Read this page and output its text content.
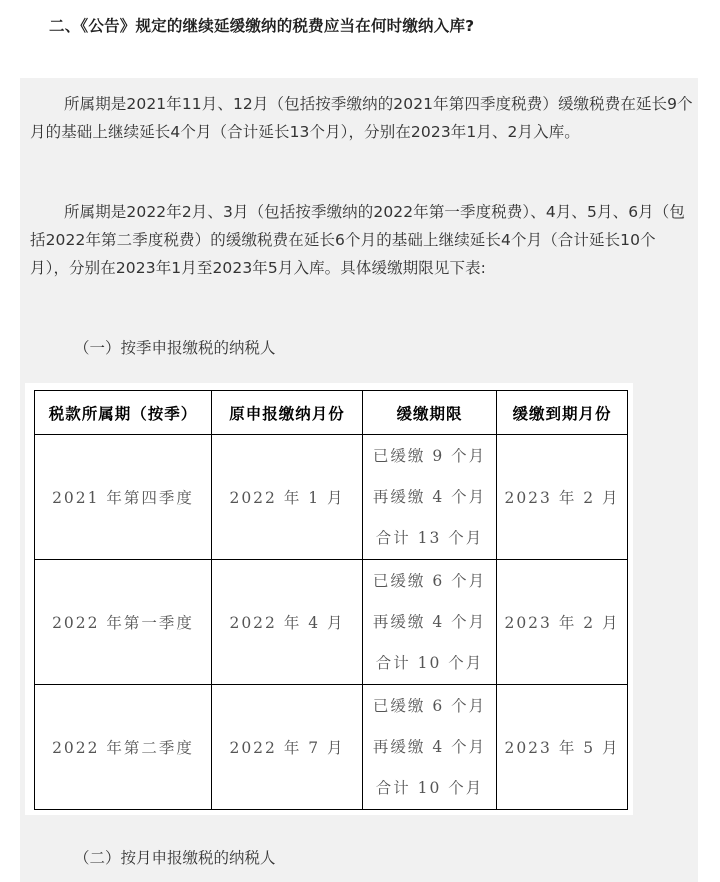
二、《公告》规定的继续延缓缴纳的税费应当在何时缴纳入库?
所属期是2021年11月、12月（包括按季缴纳的2021年第四季度税费）缓缴税费在延长9个月的基础上继续延长4个月（合计延长13个月），分别在2023年1月、2月入库。
所属期是2022年2月、3月（包括按季缴纳的2022年第一季度税费）、4月、5月、6月（包括2022年第二季度税费）的缓缴税费在延长6个月的基础上继续延长4个月（合计延长10个月），分别在2023年1月至2023年5月入库。具体缓缴期限见下表:
（一）按季申报缴税的纳税人
税款所属期（按季）	原申报缴纳月份	缓缴期限	缓缴到期月份
2021 年第四季度	2022 年 1 月	已缓缴 9 个月
再缓缴 4 个月
合计 13 个月	2023 年 2 月
2022 年第一季度	2022 年 4 月	已缓缴 6 个月
再缓缴 4 个月
合计 10 个月	2023 年 2 月
2022 年第二季度	2022 年 7 月	已缓缴 6 个月
再缓缴 4 个月
合计 10 个月	2023 年 5 月
（二）按月申报缴税的纳税人
